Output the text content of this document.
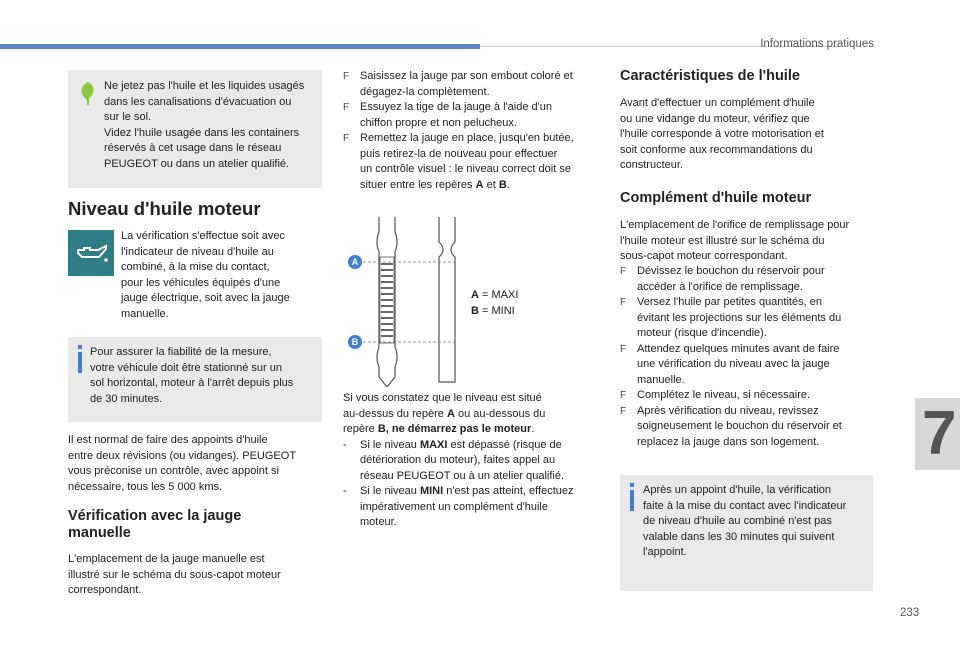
Informations pratiques

Ne jetez pas l'huile et les liquides usagés

dans les canalisations d'évacuation ou

sur le sol.

Videz l'huile usagée dans les containers

réservés à cet usage dans le réseau

PEUGEOT ou dans un atelier qualifié.

Niveau d'huile moteur

La vérification s'effectue soit avec

l'indicateur de niveau d'huile au

combiné, à la mise du contact,

pour les véhicules équipés d'une

jauge électrique, soit avec la jauge

manuelle.

Pour assurer la fiabilité de la mesure,

votre véhicule doit être stationné sur un

sol horizontal, moteur à l'arrêt depuis plus

de 30 minutes.

Il est normal de faire des appoints d'huile

entre deux révisions (ou vidanges). PEUGEOT

vous préconise un contrôle, avec appoint si

nécessaire, tous les 5 000 kms.

Vérification avec la jauge
manuelle

L'emplacement de la jauge manuelle est

illustré sur le schéma du sous-capot moteur

correspondant.

F Saisissez la jauge par son embout coloré et
dégagez-la complètement.
F Essuyez la tige de la jauge à l'aide d'un
chiffon propre et non pelucheux.
F Remettez la jauge en place, jusqu'en butée,
puis retirez-la de nouveau pour effectuer
un contrôle visuel : le niveau correct doit se
situer entre les repères A et B.
A
B

A = MAXI

B = MINI

Si vous constatez que le niveau est situé

au-dessus du repère A ou au-dessous du

repère B, ne démarrez pas le moteur.

- Si le niveau MAXI est dépassé (risque de

détérioration du moteur), faites appel au

réseau PEUGEOT ou à un atelier qualifié.

- Si le niveau MINI n'est pas atteint, effectuez

impérativement un complément d'huile

moteur.

Caractéristiques de l'huile

Avant d'effectuer un complément d'huile

ou une vidange du moteur, vérifiez que

l'huile corresponde à votre motorisation et

soit conforme aux recommandations du

constructeur.

Complément d'huile moteur

L'emplacement de l'orifice de remplissage pour

l'huile moteur est illustré sur le schéma du

sous-capot moteur correspondant.

F Dévissez le bouchon du réservoir pour
accéder à l'orifice de remplissage.
F Versez l'huile par petites quantités, en
évitant les projections sur les éléments du
moteur (risque d'incendie).
F Attendez quelques minutes avant de faire
une vérification du niveau avec la jauge
manuelle.
F Complétez le niveau, si nécessaire.
F Après vérification du niveau, revissez
soigneusement le bouchon du réservoir et
replacez la jauge dans son logement.

Après un appoint d'huile, la vérification

faite à la mise du contact avec l'indicateur

de niveau d'huile au combiné n'est pas

valable dans les 30 minutes qui suivent

l'appoint.

7
233
